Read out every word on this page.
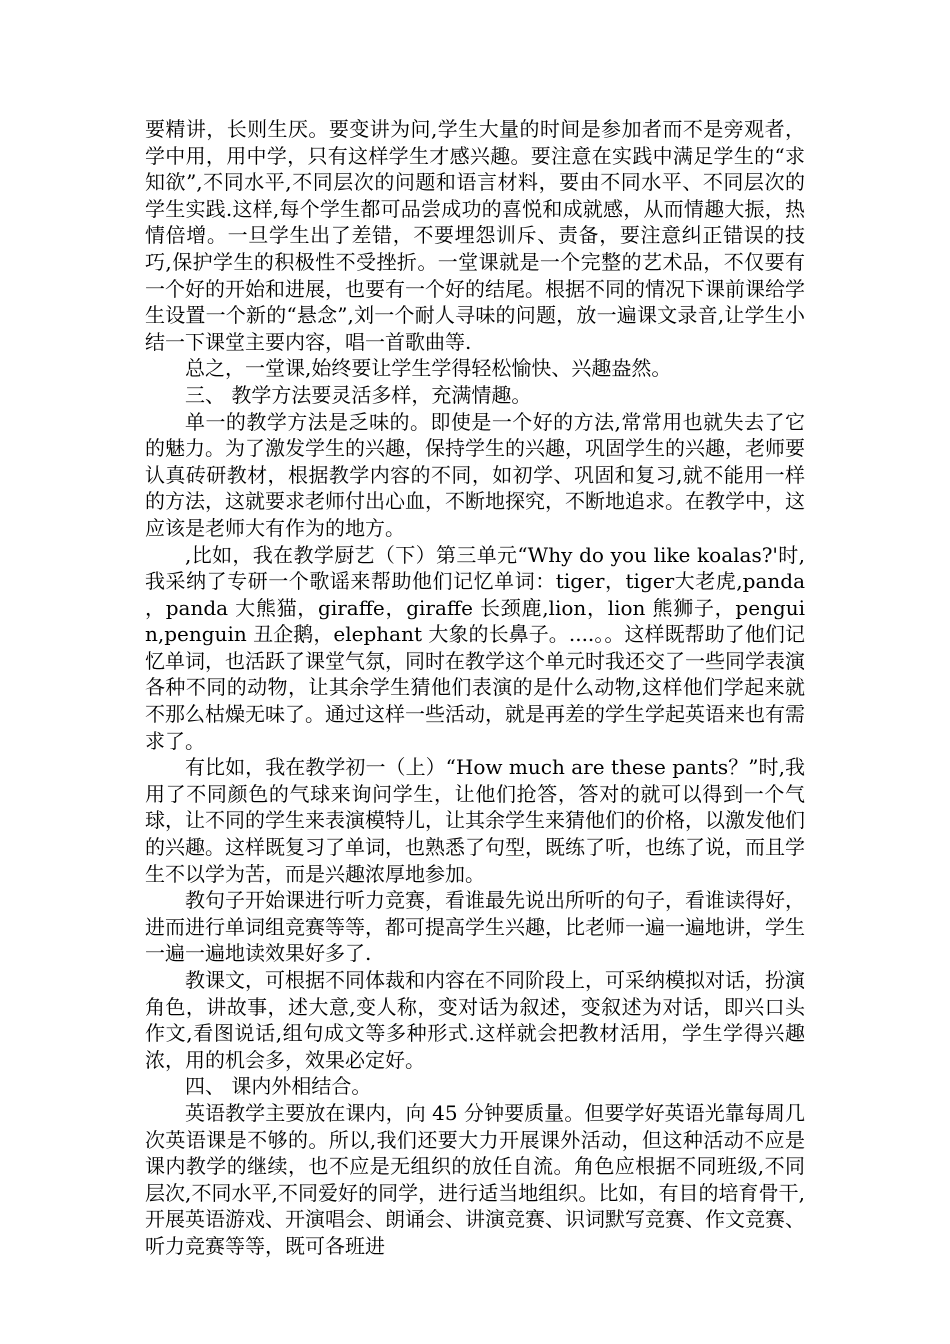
要精讲，长则生厌。要变讲为问,学生大量的时间是参加者而不是旁观者，学中用，用中学，只有这样学生才感兴趣。要注意在实践中满足学生的“求知欲”,不同水平,不同层次的问题和语言材料，要由不同水平、不同层次的学生实践.这样,每个学生都可品尝成功的喜悦和成就感，从而情趣大振，热情倍增。一旦学生出了差错，不要埋怨训斥、责备，要注意纠正错误的技巧,保护学生的积极性不受挫折。一堂课就是一个完整的艺术品，不仅要有一个好的开始和进展，也要有一个好的结尾。根据不同的情况下课前课给学生设置一个新的“悬念”,刘一个耐人寻味的问题，放一遍课文录音,让学生小结一下课堂主要内容，唱一首歌曲等.

总之，一堂课,始终要让学生学得轻松愉快、兴趣盎然。

三、 教学方法要灵活多样，充满情趣。

单一的教学方法是乏味的。即使是一个好的方法,常常用也就失去了它的魅力。为了激发学生的兴趣，保持学生的兴趣，巩固学生的兴趣，老师要认真砖研教材，根据教学内容的不同，如初学、巩固和复习,就不能用一样的方法，这就要求老师付出心血，不断地探究，不断地追求。在教学中，这应该是老师大有作为的地方。

,比如，我在教学厨艺（下）第三单元“Why do you like koalas?'时,我采纳了专研一个歌谣来帮助他们记忆单词：tiger，tiger大老虎,panda ，panda 大熊猫，giraffe，giraffe 长颈鹿,lion，lion 熊狮子，penguin,penguin 丑企鹅，elephant 大象的长鼻子。....。。这样既帮助了他们记忆单词，也活跃了课堂气氛，同时在教学这个单元时我还交了一些同学表演各种不同的动物，让其余学生猜他们表演的是什么动物,这样他们学起来就不那么枯燥无味了。通过这样一些活动，就是再差的学生学起英语来也有需求了。

有比如，我在教学初一（上）“How much are these pants？”时,我用了不同颜色的气球来询问学生，让他们抢答，答对的就可以得到一个气球，让不同的学生来表演模特儿，让其余学生来猜他们的价格，以激发他们的兴趣。这样既复习了单词，也熟悉了句型，既练了听，也练了说，而且学生不以学为苦，而是兴趣浓厚地参加。

教句子开始课进行听力竞赛，看谁最先说出所听的句子，看谁读得好，进而进行单词组竞赛等等，都可提高学生兴趣，比老师一遍一遍地讲，学生一遍一遍地读效果好多了.

教课文，可根据不同体裁和内容在不同阶段上，可采纳模拟对话，扮演角色，讲故事，述大意,变人称，变对话为叙述，变叙述为对话，即兴口头作文,看图说话,组句成文等多种形式.这样就会把教材活用，学生学得兴趣浓，用的机会多，效果必定好。

四、 课内外相结合。

英语教学主要放在课内，向 45 分钟要质量。但要学好英语光靠每周几次英语课是不够的。所以,我们还要大力开展课外活动，但这种活动不应是课内教学的继续，也不应是无组织的放任自流。角色应根据不同班级,不同层次,不同水平,不同爱好的同学，进行适当地组织。比如，有目的培育骨干,开展英语游戏、开演唱会、朗诵会、讲演竞赛、识词默写竞赛、作文竞赛、听力竞赛等等，既可各班进
